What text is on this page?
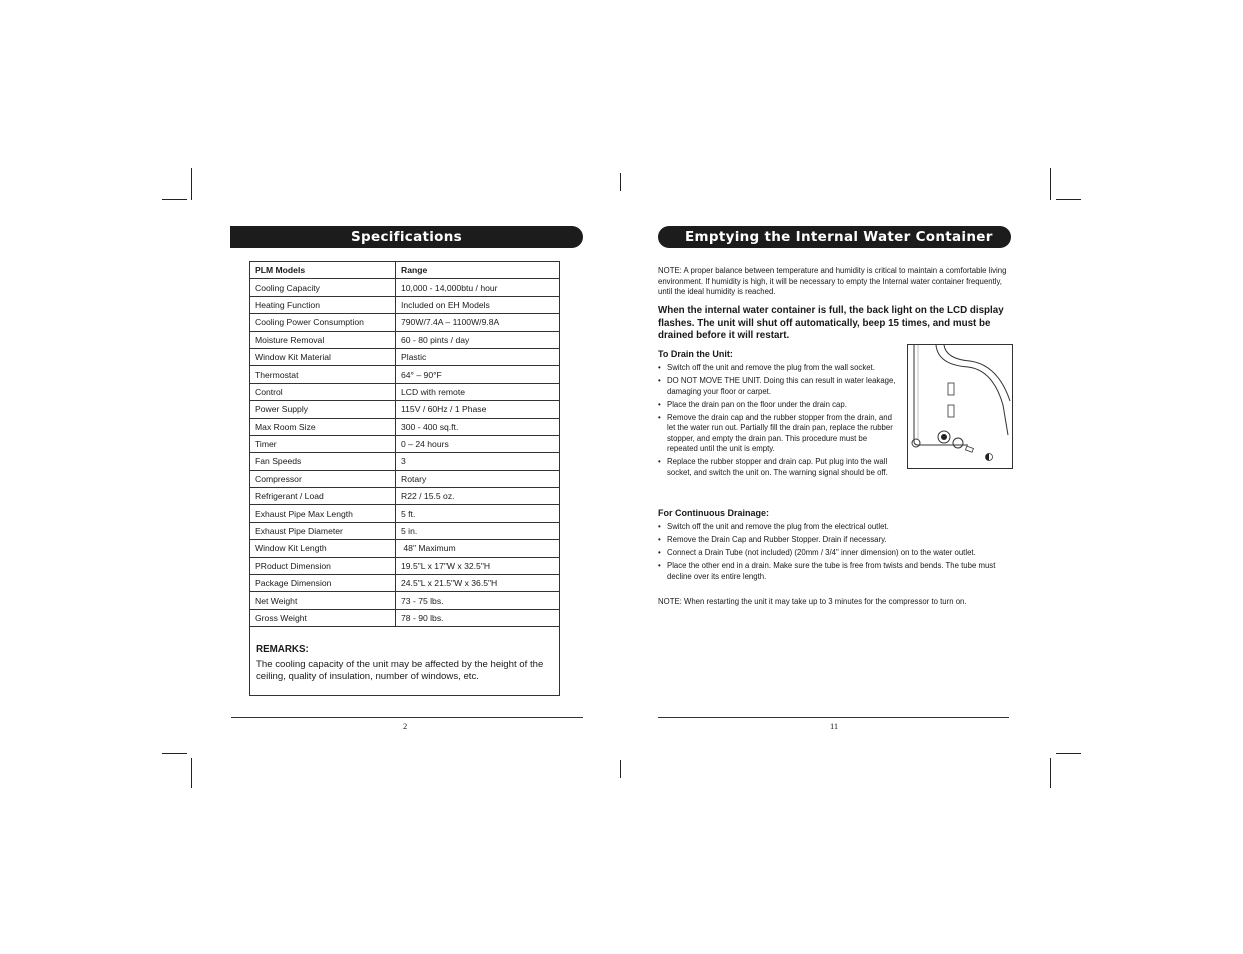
Specifications
PLM Models	Range
Cooling Capacity	10,000 - 14,000btu / hour
Heating Function	Included on EH Models
Cooling Power Consumption	790W/7.4A – 1100W/9.8A
Moisture Removal	60 - 80 pints / day
Window Kit Material	Plastic
Thermostat	64° – 90°F
Control	LCD with remote
Power Supply	115V / 60Hz / 1 Phase
Max Room Size	300 - 400 sq.ft.
Timer	0 – 24 hours
Fan Speeds	3
Compressor	Rotary
Refrigerant / Load	R22 / 15.5 oz.
Exhaust Pipe Max Length	5 ft.
Exhaust Pipe Diameter	5 in.
Window Kit Length	48" Maximum
PRoduct Dimension	19.5"L x 17"W x 32.5"H
Package Dimension	24.5"L x 21.5"W x 36.5"H
Net Weight	73 - 75 lbs.
Gross Weight	78 - 90 lbs.
REMARKS:
The cooling capacity of the unit may be affected by the height of the ceiling, quality of insulation, number of windows, etc.
2
Emptying the Internal Water Container
NOTE: A proper balance between temperature and humidity is critical to maintain a comfortable living environment. If humidity is high, it will be necessary to empty the Internal water container frequently, until the ideal humidity is reached.
When the internal water container is full, the back light on the LCD display flashes. The unit will shut off automatically, beep 15 times, and must be drained before it will restart.
To Drain the Unit:
• Switch off the unit and remove the plug from the wall socket.
• DO NOT MOVE THE UNIT. Doing this can result in water leakage, damaging your floor or carpet.
• Place the drain pan on the floor under the drain cap.
• Remove the drain cap and the rubber stopper from the drain, and let the water run out. Partially fill the drain pan, replace the rubber stopper, and empty the drain pan. This procedure must be repeated until the unit is empty.
• Replace the rubber stopper and drain cap. Put plug into the wall socket, and switch the unit on. The warning signal should be off.
For Continuous Drainage:
• Switch off the unit and remove the plug from the electrical outlet.
• Remove the Drain Cap and Rubber Stopper. Drain if necessary.
• Connect a Drain Tube (not included) (20mm / 3/4" inner dimension) on to the water outlet.
• Place the other end in a drain. Make sure the tube is free from twists and bends. The tube must decline over its entire length.
NOTE: When restarting the unit it may take up to 3 minutes for the compressor to turn on.
11
